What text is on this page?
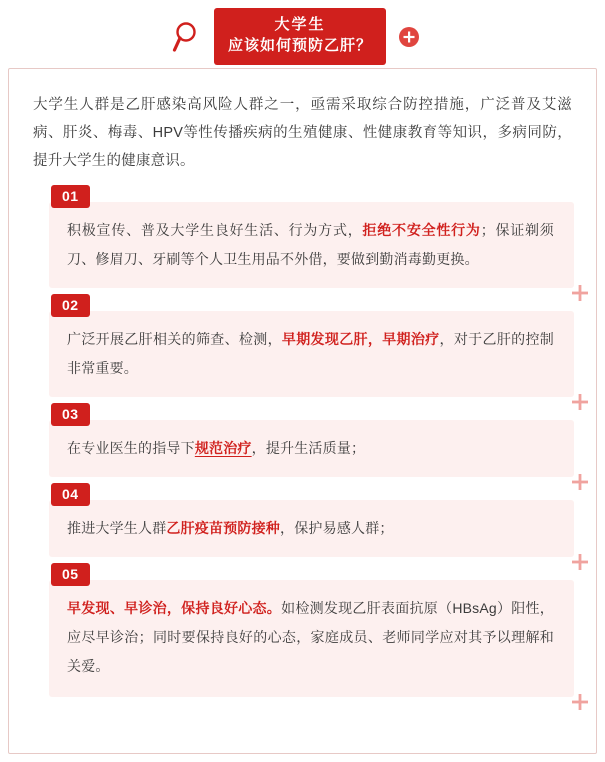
大学生
应该如何预防乙肝？

大学生人群是乙肝感染高风险人群之一，亟需采取综合防控措施，广泛普及艾滋病、肝炎、梅毒、HPV等性传播疾病的生殖健康、性健康教育等知识，多病同防，提升大学生的健康意识。

01
积极宣传、普及大学生良好生活、行为方式，拒绝不安全性行为；保证剃须刀、修眉刀、牙刷等个人卫生用品不外借，要做到勤消毒勤更换。
02
广泛开展乙肝相关的筛查、检测，早期发现乙肝，早期治疗，对于乙肝的控制非常重要。
03
在专业医生的指导下规范治疗，提升生活质量；
04
推进大学生人群乙肝疫苗预防接种，保护易感人群；
05
早发现、早诊治，保持良好心态。如检测发现乙肝表面抗原（HBsAg）阳性，应尽早诊治；同时要保持良好的心态，家庭成员、老师同学应对其予以理解和关爱。
